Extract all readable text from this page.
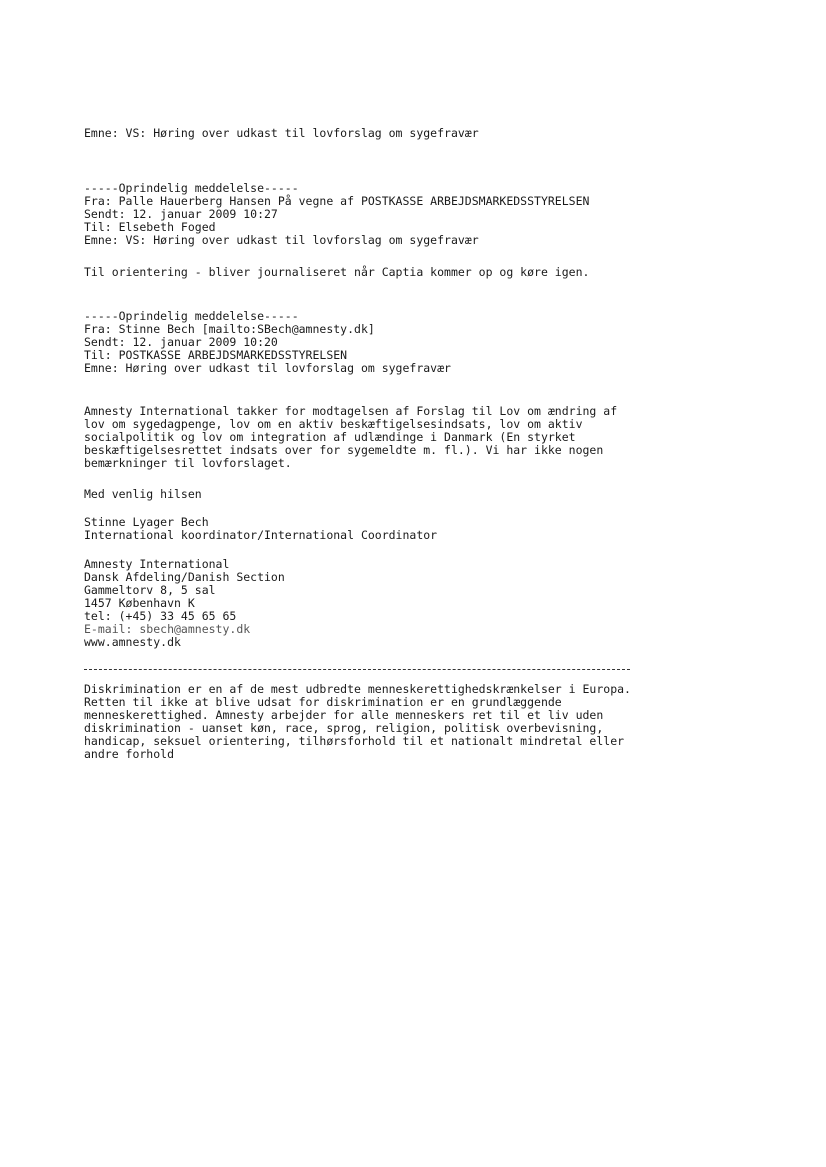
Emne: VS: Høring over udkast til lovforslag om sygefravær
-----Oprindelig meddelelse-----
Fra: Palle Hauerberg Hansen På vegne af POSTKASSE ARBEJDSMARKEDSSTYRELSEN
Sendt: 12. januar 2009 10:27
Til: Elsebeth Foged
Emne: VS: Høring over udkast til lovforslag om sygefravær
Til orientering - bliver journaliseret når Captia kommer op og køre igen.
-----Oprindelig meddelelse-----
Fra: Stinne Bech [mailto:SBech@amnesty.dk]
Sendt: 12. januar 2009 10:20
Til: POSTKASSE ARBEJDSMARKEDSSTYRELSEN
Emne: Høring over udkast til lovforslag om sygefravær
Amnesty International takker for modtagelsen af Forslag til Lov om ændring af
lov om sygedagpenge, lov om en aktiv beskæftigelsesindsats, lov om aktiv
socialpolitik og lov om integration af udlændinge i Danmark (En styrket
beskæftigelsesrettet indsats over for sygemeldte m. fl.). Vi har ikke nogen
bemærkninger til lovforslaget.
Med venlig hilsen
Stinne Lyager Bech
International koordinator/International Coordinator
Amnesty International
Dansk Afdeling/Danish Section
Gammeltorv 8, 5 sal
1457 København K
tel: (+45) 33 45 65 65
E-mail: sbech@amnesty.dk
www.amnesty.dk
Diskrimination er en af de mest udbredte menneskerettighedskrænkelser i Europa.
Retten til ikke at blive udsat for diskrimination er en grundlæggende
menneskerettighed. Amnesty arbejder for alle menneskers ret til et liv uden
diskrimination - uanset køn, race, sprog, religion, politisk overbevisning,
handicap, seksuel orientering, tilhørsforhold til et nationalt mindretal eller
andre forhold
